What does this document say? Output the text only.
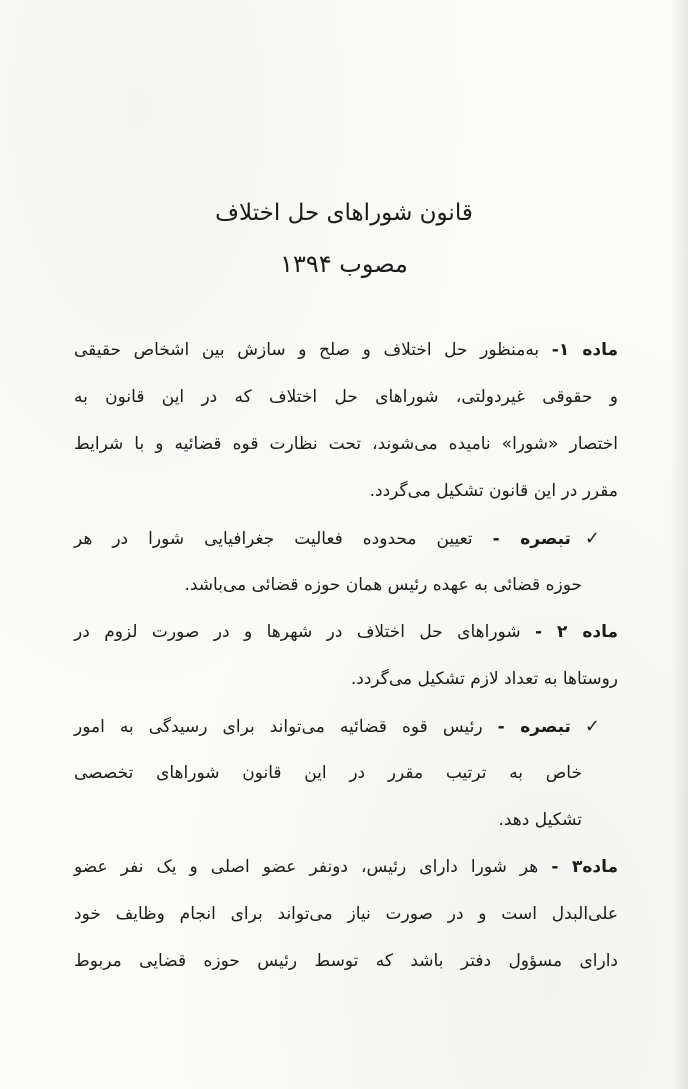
قانون شوراهای حل اختلاف
مصوب ۱۳۹۴
ماده ۱- به‌منظور حل اختلاف و صلح و سازش بین اشخاص حقیقی
و حقوقی غیردولتی، شوراهای حل اختلاف که در این قانون به
اختصار «شورا» نامیده می‌شوند، تحت نظارت قوه قضائیه و با شرایط
مقرر در این قانون تشکیل می‌گردد.
✓تبصره - تعیین محدوده فعالیت جغرافیایی شورا در هر
حوزه قضائی به عهده رئیس همان حوزه قضائی می‌باشد.
ماده ۲ - شوراهای حل اختلاف در شهرها و در صورت لزوم در
روستاها به تعداد لازم تشکیل می‌گردد.
✓تبصره - رئیس قوه قضائیه می‌تواند برای رسیدگی به امور
خاص به ترتیب مقرر در این قانون شوراهای تخصصی
تشکیل دهد.
ماده۳ - هر شورا دارای رئیس، دونفر عضو اصلی و یک نفر عضو
علی‌البدل است و در صورت نیاز می‌تواند برای انجام وظایف خود
دارای مسؤول دفتر باشد که توسط رئیس حوزه قضایی مربوط
